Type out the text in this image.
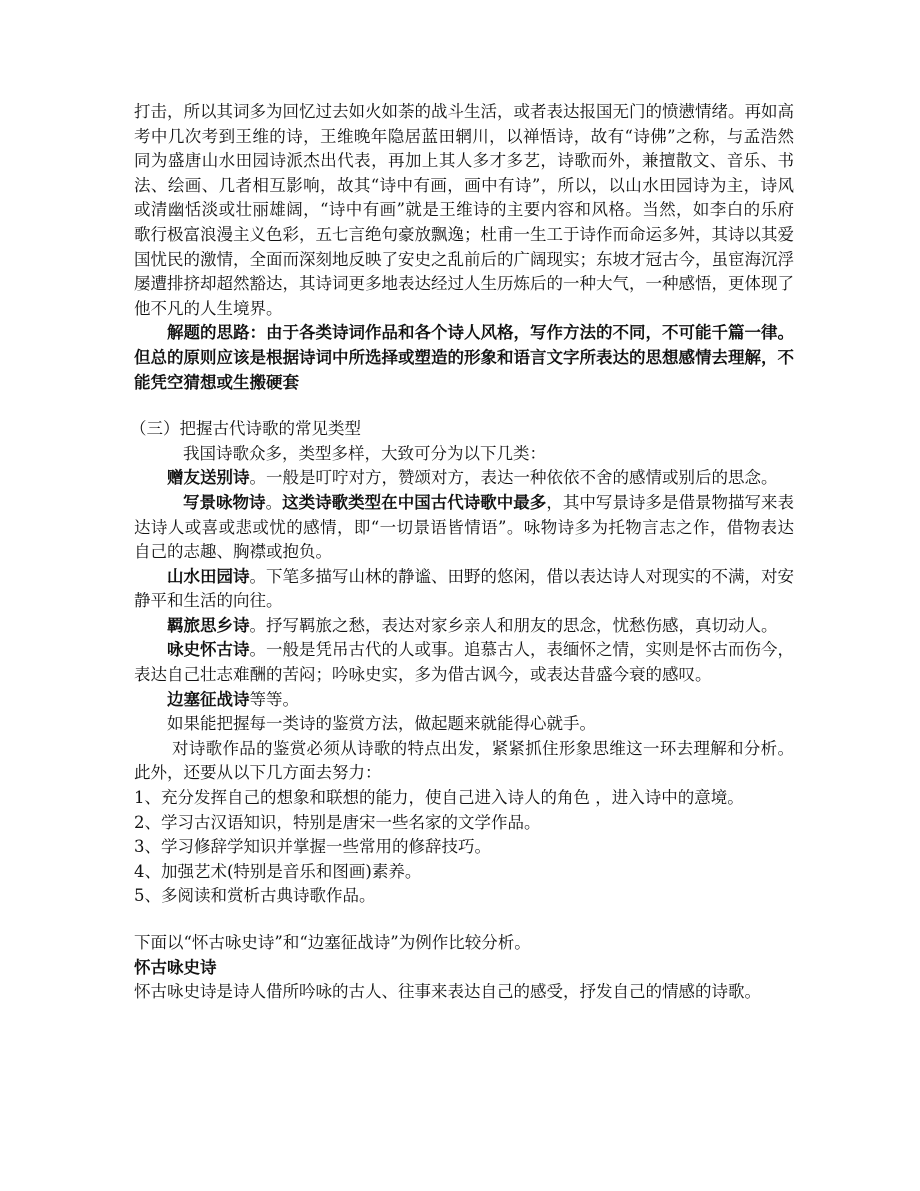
打击，所以其词多为回忆过去如火如荼的战斗生活，或者表达报国无门的愤懑情绪。再如高考中几次考到王维的诗，王维晚年隐居蓝田辋川，以禅悟诗，故有“诗佛”之称，与孟浩然同为盛唐山水田园诗派杰出代表，再加上其人多才多艺，诗歌而外，兼擅散文、音乐、书法、绘画、几者相互影响，故其“诗中有画，画中有诗”，所以，以山水田园诗为主，诗风或清幽恬淡或壮丽雄阔，“诗中有画”就是王维诗的主要内容和风格。当然，如李白的乐府歌行极富浪漫主义色彩，五七言绝句豪放飘逸；杜甫一生工于诗作而命运多舛，其诗以其爱国忧民的激情，全面而深刻地反映了安史之乱前后的广阔现实；东坡才冠古今，虽宦海沉浮屡遭排挤却超然豁达，其诗词更多地表达经过人生历炼后的一种大气，一种感悟，更体现了他不凡的人生境界。

解题的思路：由于各类诗词作品和各个诗人风格，写作方法的不同，不可能千篇一律。但总的原则应该是根据诗词中所选择或塑造的形象和语言文字所表达的思想感情去理解，不能凭空猜想或生搬硬套

（三）把握古代诗歌的常见类型

我国诗歌众多，类型多样，大致可分为以下几类：

赠友送别诗。一般是叮咛对方，赞颂对方，表达一种依依不舍的感情或别后的思念。

写景咏物诗。这类诗歌类型在中国古代诗歌中最多，其中写景诗多是借景物描写来表达诗人或喜或悲或忧的感情，即“一切景语皆情语”。咏物诗多为托物言志之作，借物表达自己的志趣、胸襟或抱负。

山水田园诗。下笔多描写山林的静谧、田野的悠闲，借以表达诗人对现实的不满，对安静平和生活的向往。

羁旅思乡诗。抒写羁旅之愁，表达对家乡亲人和朋友的思念，忧愁伤感，真切动人。

咏史怀古诗。一般是凭吊古代的人或事。追慕古人，表缅怀之情，实则是怀古而伤今，表达自己壮志难酬的苦闷；吟咏史实，多为借古讽今，或表达昔盛今衰的感叹。

边塞征战诗等等。

如果能把握每一类诗的鉴赏方法，做起题来就能得心就手。

对诗歌作品的鉴赏必须从诗歌的特点出发，紧紧抓住形象思维这一环去理解和分析。此外，还要从以下几方面去努力：

1、充分发挥自己的想象和联想的能力，使自己进入诗人的角色 ，进入诗中的意境。

2、学习古汉语知识，特别是唐宋一些名家的文学作品。

3、学习修辞学知识并掌握一些常用的修辞技巧。

4、加强艺术(特别是音乐和图画)素养。

5、多阅读和赏析古典诗歌作品。

下面以“怀古咏史诗”和“边塞征战诗”为例作比较分析。

怀古咏史诗

怀古咏史诗是诗人借所吟咏的古人、往事来表达自己的感受，抒发自己的情感的诗歌。
